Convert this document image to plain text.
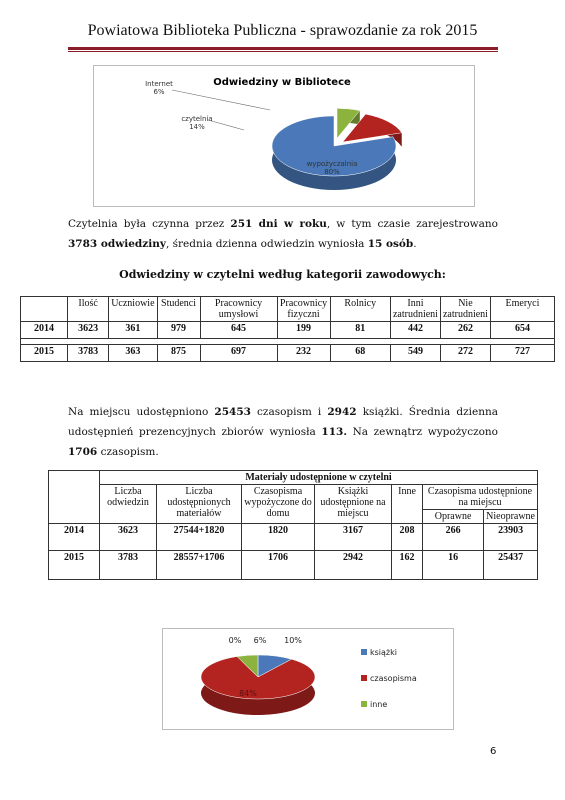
Powiatowa Biblioteka Publiczna - sprawozdanie za rok 2015
Odwiedziny w Bibliotece
Internet
6%
czytelnia
14%
wypożyczalnia
80%
Czytelnia była czynna przez 251 dni w roku, w tym czasie zarejestrowano 3783 odwiedziny, średnia dzienna odwiedzin wyniosła 15 osób.
Odwiedziny w czytelni według kategorii zawodowych:
	Ilość	Uczniowie	Studenci	Pracownicy umysłowi	Pracownicy fizyczni	Rolnicy	Inni zatrudnieni	Nie zatrudnieni	Emeryci
2014	3623	361	979	645	199	81	442	262	654

2015	3783	363	875	697	232	68	549	272	727
Na miejscu udostępniono 25453 czasopism i 2942 książki. Średnia dzienna udostępnień prezencyjnych zbiorów wyniosła 113. Na zewnątrz wypożyczono 1706 czasopism.
	Materiały udostępnione w czytelni						
	Liczba odwiedzin	Liczba udostępnionych materiałów	Czasopisma wypożyczone do domu	Książki udostępnione na miejscu	Inne	Czasopisma udostępnione na miejscu	
						Oprawne	Nieoprawne
2014	3623	27544+1820	1820	3167	208	266	23903
2015	3783	28557+1706	1706	2942	162	16	25437
10%
84%
6%
0%
książki
czasopisma
inne
6
